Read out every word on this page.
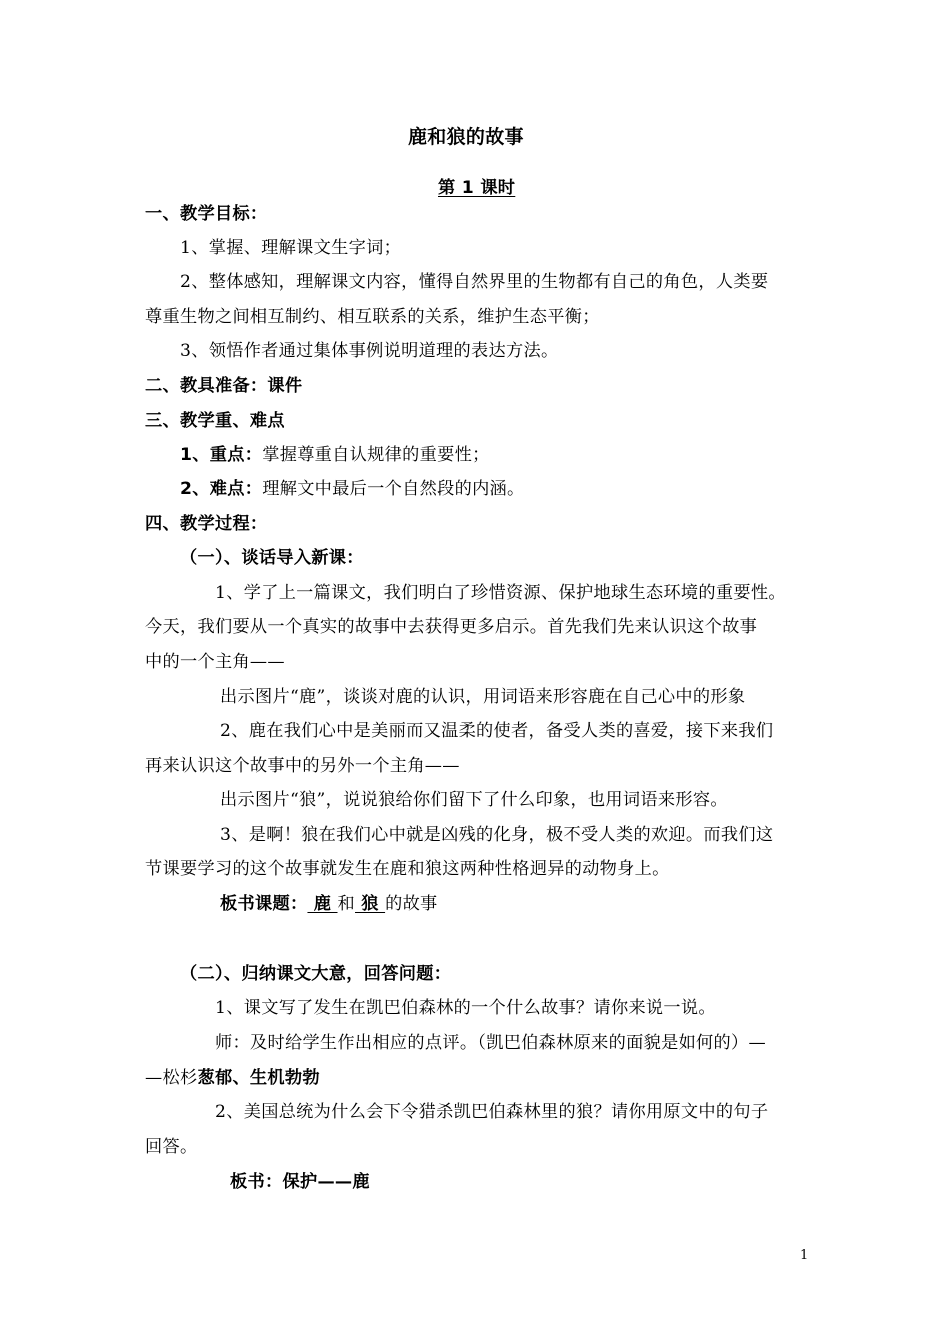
鹿和狼的故事
第 1 课时
一、教学目标：
1、掌握、理解课文生字词；
2、整体感知，理解课文内容，懂得自然界里的生物都有自己的角色，人类要
尊重生物之间相互制约、相互联系的关系，维护生态平衡；
3、领悟作者通过集体事例说明道理的表达方法。
二、教具准备：课件
三、教学重、难点
1、重点：掌握尊重自认规律的重要性；
2、难点：理解文中最后一个自然段的内涵。
四、教学过程：
（一）、谈话导入新课：
1、学了上一篇课文，我们明白了珍惜资源、保护地球生态环境的重要性。
今天，我们要从一个真实的故事中去获得更多启示。首先我们先来认识这个故事
中的一个主角——
出示图片“鹿”，谈谈对鹿的认识，用词语来形容鹿在自己心中的形象
2、鹿在我们心中是美丽而又温柔的使者，备受人类的喜爱，接下来我们
再来认识这个故事中的另外一个主角——
出示图片“狼”，说说狼给你们留下了什么印象，也用词语来形容。
3、是啊！狼在我们心中就是凶残的化身，极不受人类的欢迎。而我们这
节课要学习的这个故事就发生在鹿和狼这两种性格迥异的动物身上。
板书课题： 鹿 和 狼 的故事
（二）、归纳课文大意，回答问题：
1、课文写了发生在凯巴伯森林的一个什么故事？请你来说一说。
师：及时给学生作出相应的点评。（凯巴伯森林原来的面貌是如何的）—
—松杉葱郁、生机勃勃
2、美国总统为什么会下令猎杀凯巴伯森林里的狼？请你用原文中的句子
回答。
板书：保护——鹿
1
